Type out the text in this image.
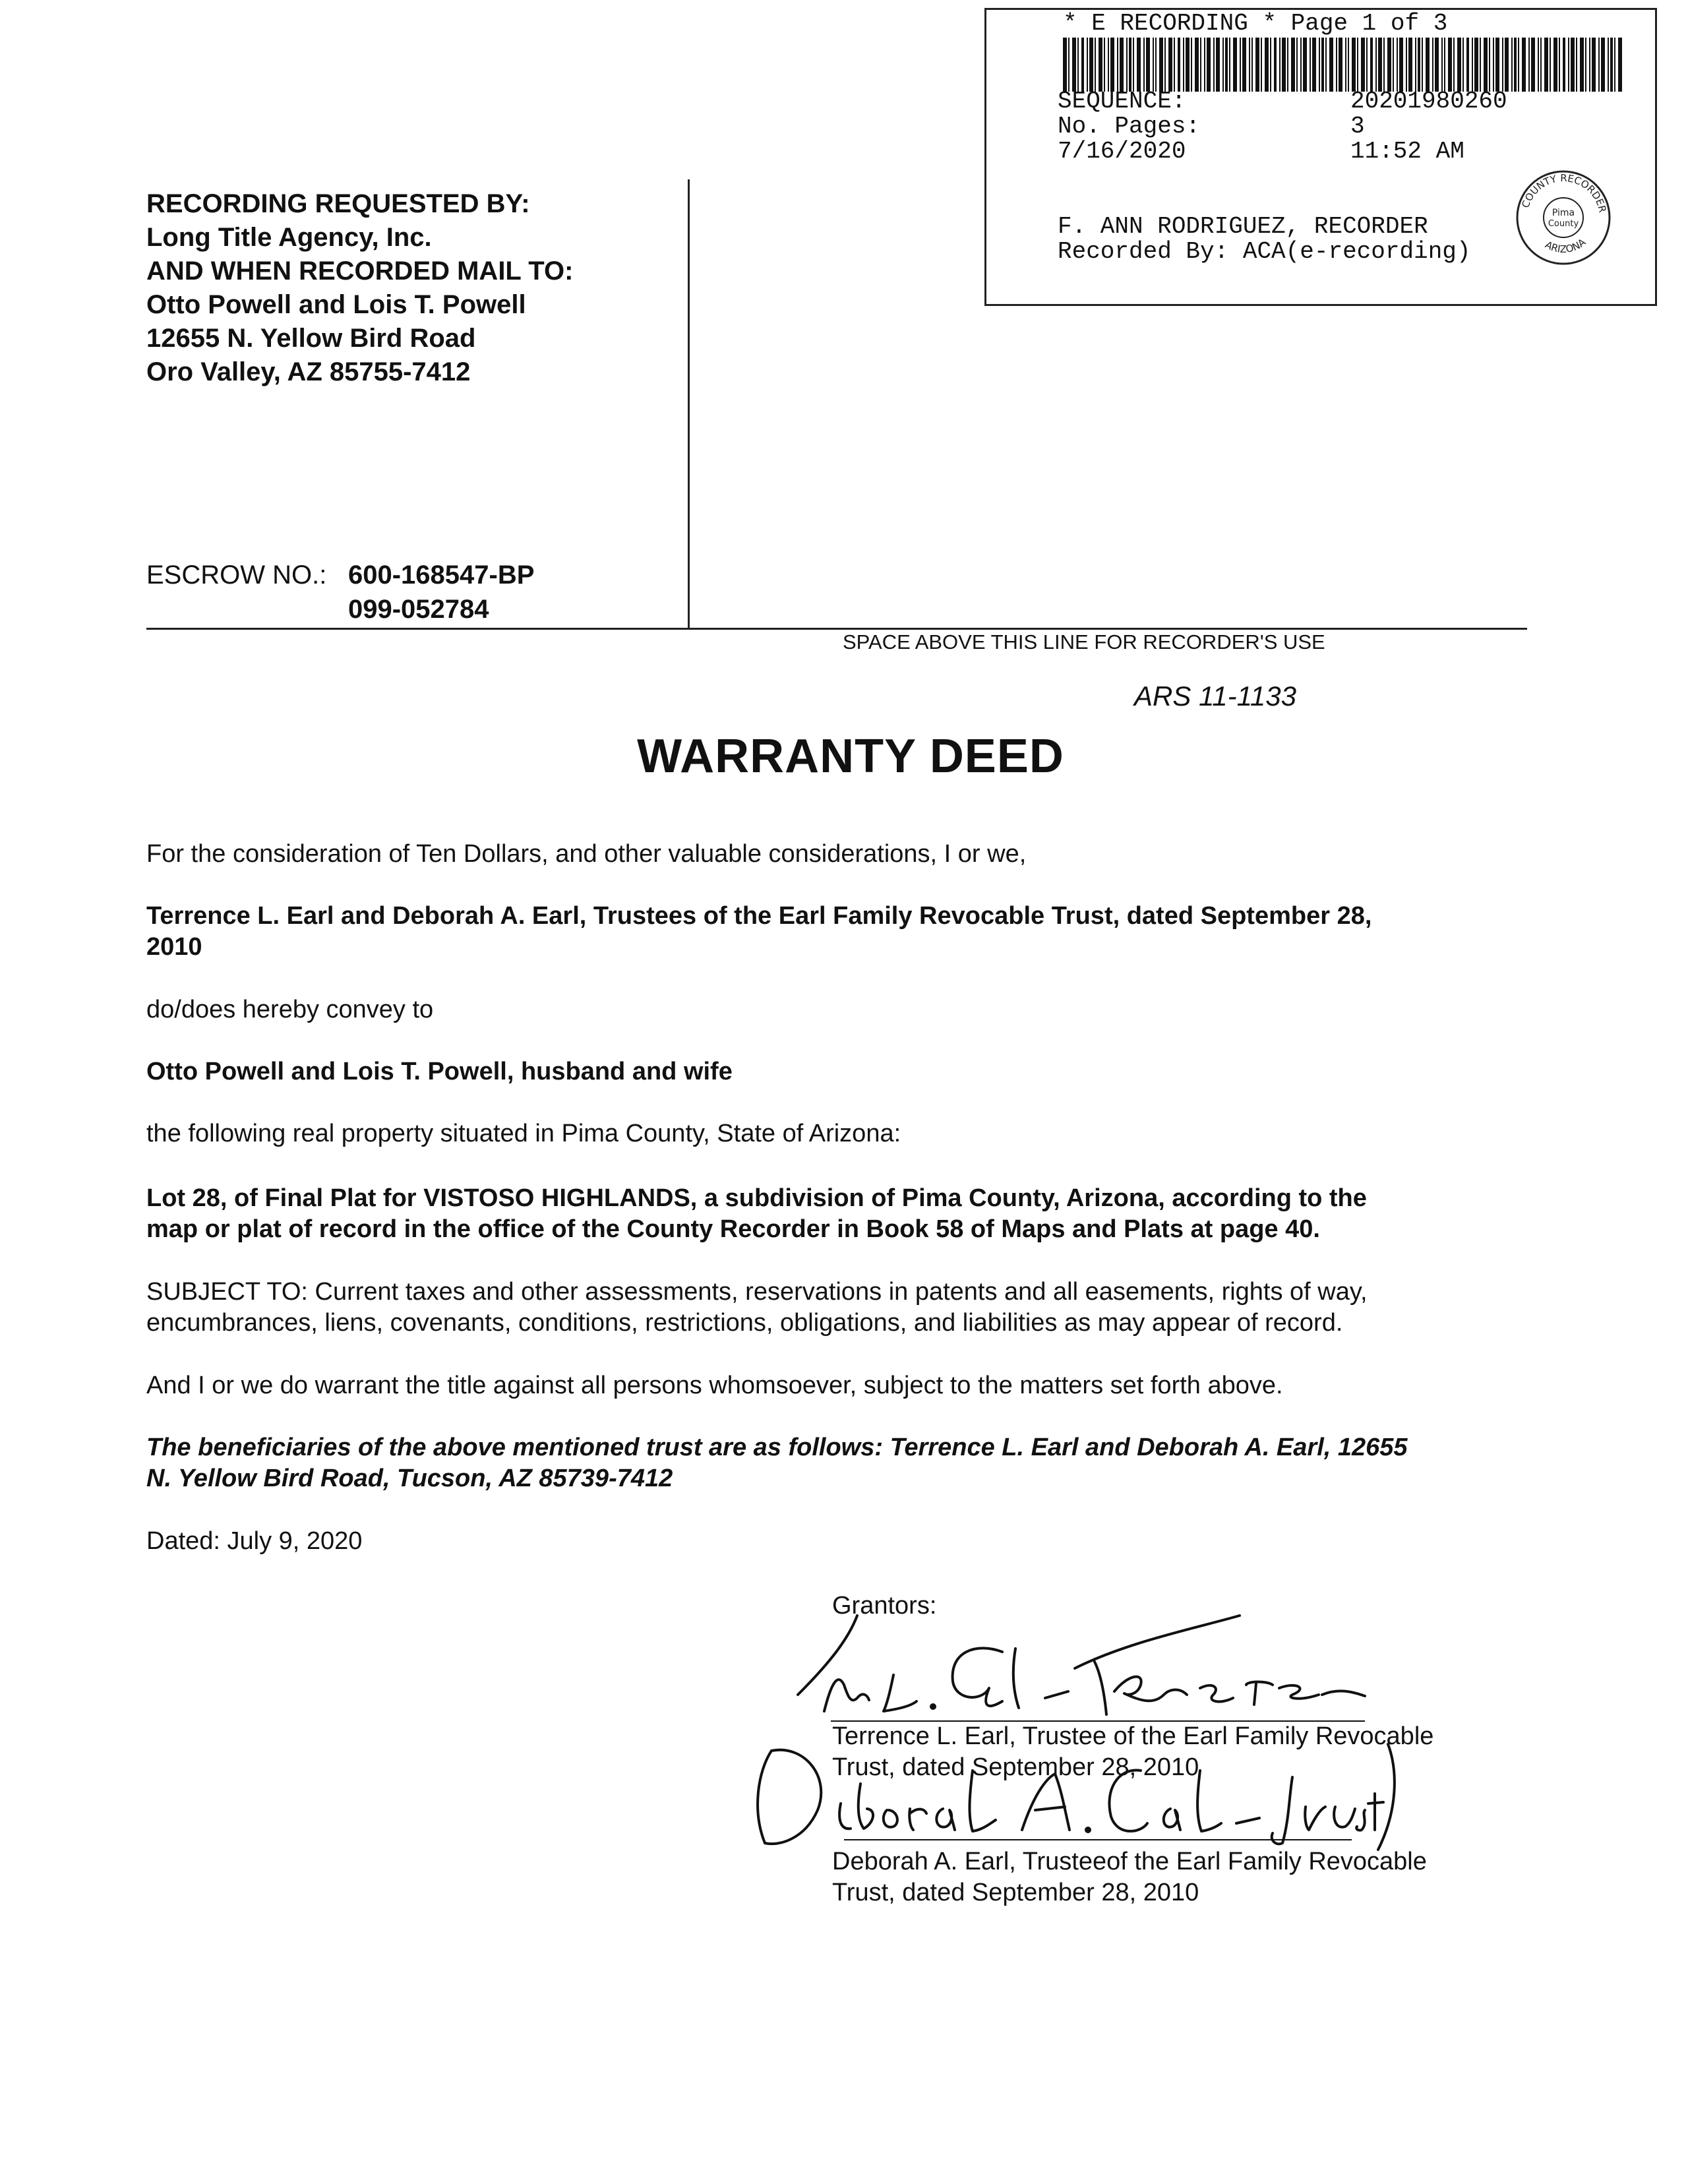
* E RECORDING * Page 1 of 3
SEQUENCE:	20201980260
No. Pages:	3
7/16/2020	11:52 AM
F. ANN RODRIGUEZ, RECORDER
Recorded By: ACA(e-recording)
Pima
County
COUNTY RECORDER
ARIZONA
RECORDING REQUESTED BY:
Long Title Agency, Inc.
AND WHEN RECORDED MAIL TO:
Otto Powell and Lois T. Powell
12655 N. Yellow Bird Road
Oro Valley, AZ 85755-7412
ESCROW NO.: 600-168547-BP
099-052784
SPACE ABOVE THIS LINE FOR RECORDER'S USE
ARS 11-1133
WARRANTY DEED
For the consideration of Ten Dollars, and other valuable considerations, I or we,
Terrence L. Earl and Deborah A. Earl, Trustees of the Earl Family Revocable Trust, dated September 28,
2010
do/does hereby convey to
Otto Powell and Lois T. Powell, husband and wife
the following real property situated in Pima County, State of Arizona:
Lot 28, of Final Plat for VISTOSO HIGHLANDS, a subdivision of Pima County, Arizona, according to the
map or plat of record in the office of the County Recorder in Book 58 of Maps and Plats at page 40.
SUBJECT TO: Current taxes and other assessments, reservations in patents and all easements, rights of way,
encumbrances, liens, covenants, conditions, restrictions, obligations, and liabilities as may appear of record.
And I or we do warrant the title against all persons whomsoever, subject to the matters set forth above.
The beneficiaries of the above mentioned trust are as follows: Terrence L. Earl and Deborah A. Earl, 12655
N. Yellow Bird Road, Tucson, AZ 85739-7412
Dated: July 9, 2020
Grantors:
Terrence L. Earl, Trustee of the Earl Family Revocable
Trust, dated September 28, 2010
Deborah A. Earl, Trusteeof the Earl Family Revocable
Trust, dated September 28, 2010
